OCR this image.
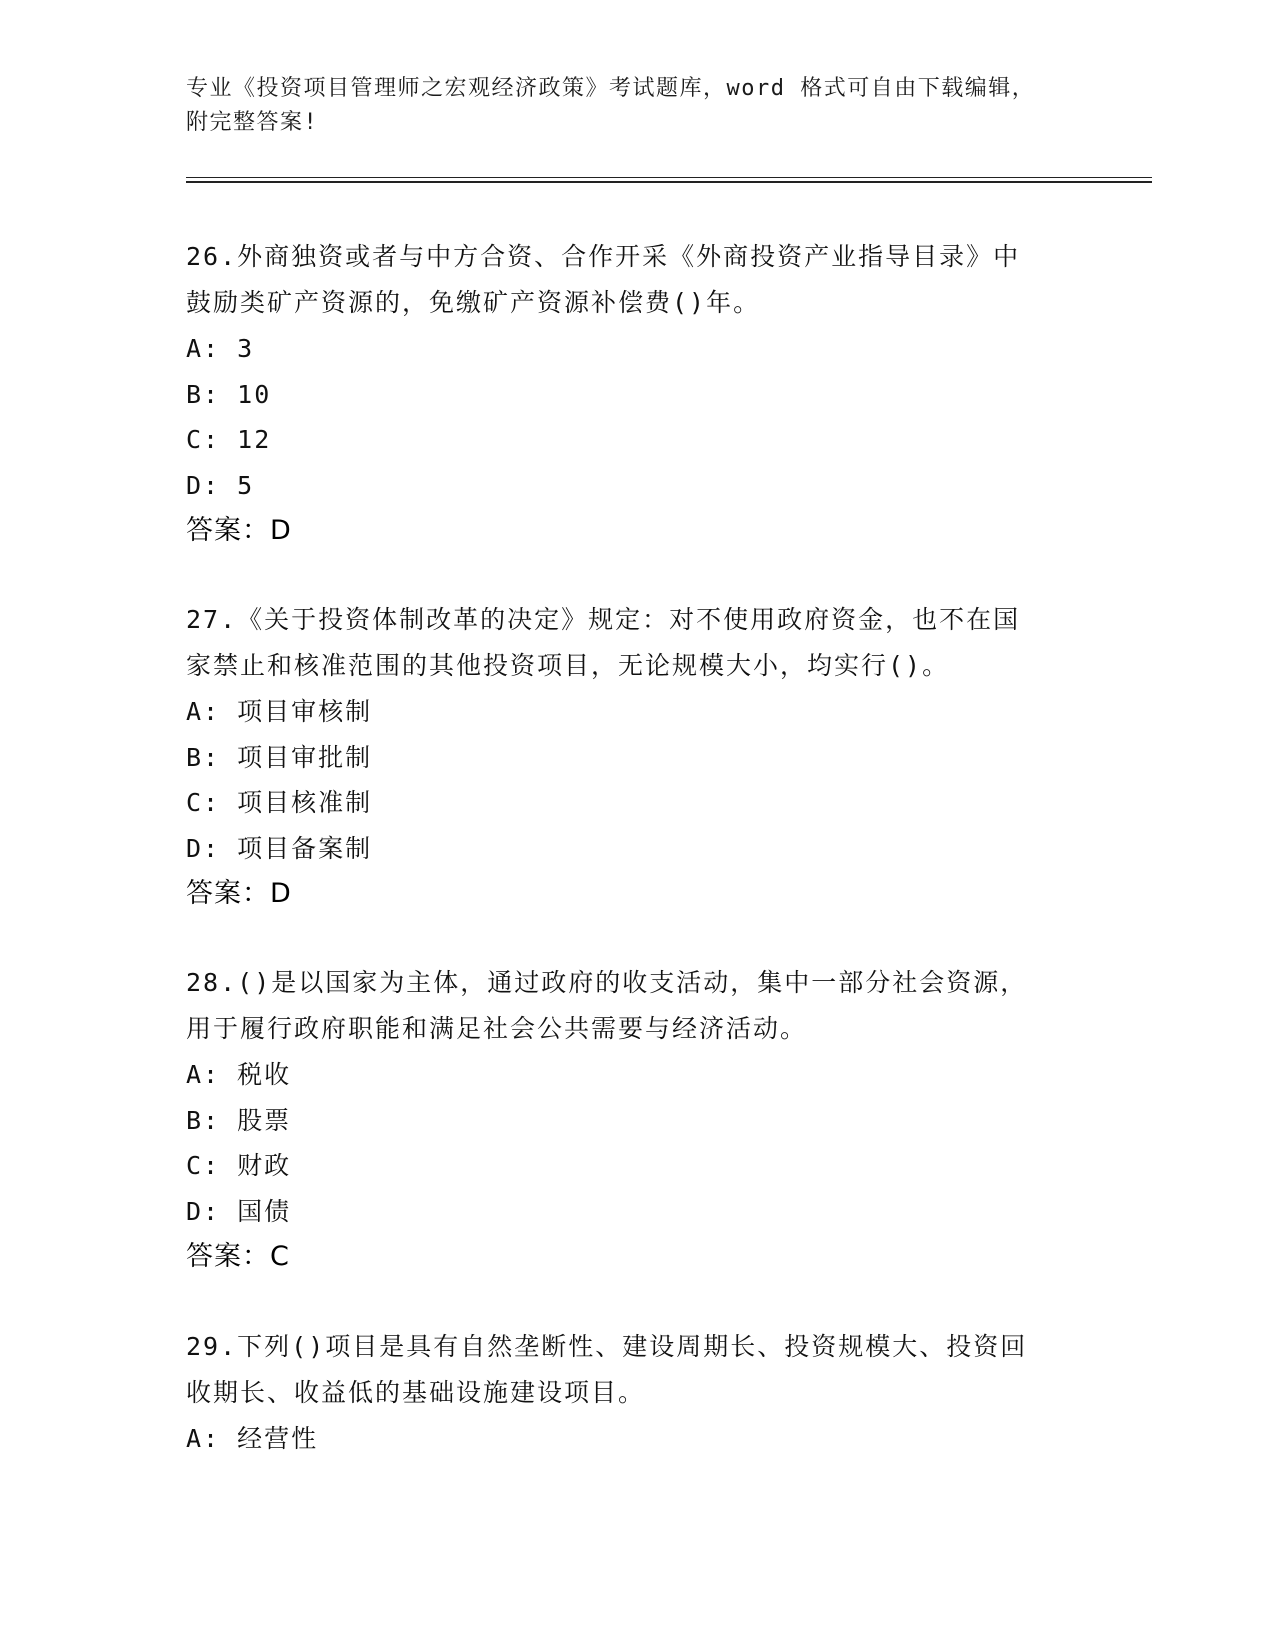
专业《投资项目管理师之宏观经济政策》考试题库，word 格式可自由下载编辑，
附完整答案!
26.外商独资或者与中方合资、合作开采《外商投资产业指导目录》中
鼓励类矿产资源的，免缴矿产资源补偿费()年。
A: 3
B: 10
C: 12
D: 5
答案：D
27.《关于投资体制改革的决定》规定：对不使用政府资金，也不在国
家禁止和核准范围的其他投资项目，无论规模大小，均实行()。
A: 项目审核制
B: 项目审批制
C: 项目核准制
D: 项目备案制
答案：D
28.()是以国家为主体，通过政府的收支活动，集中一部分社会资源，
用于履行政府职能和满足社会公共需要与经济活动。
A: 税收
B: 股票
C: 财政
D: 国债
答案：C
29.下列()项目是具有自然垄断性、建设周期长、投资规模大、投资回
收期长、收益低的基础设施建设项目。
A: 经营性
